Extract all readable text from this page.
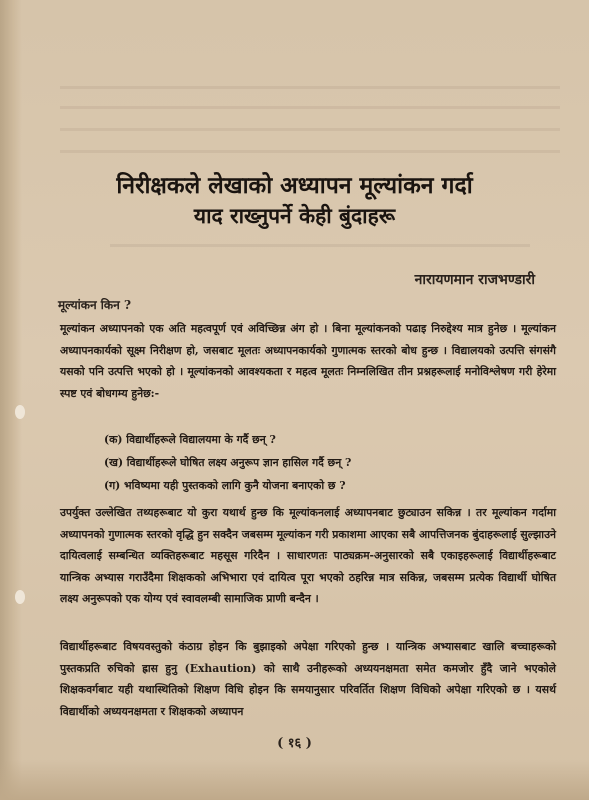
निरीक्षकले लेखाको अध्यापन मूल्यांकन गर्दा
याद राख्नुपर्ने केही बुंदाहरू
नारायणमान राजभण्डारी
मूल्यांकन किन ?
मूल्यांकन अध्यापनको एक अति महत्वपूर्ण एवं अविच्छिन्न अंग हो । बिना मूल्यांकनको पढाइ निरुद्देश्य मात्र हुनेछ । मूल्यांकन अध्यापनकार्यको सूक्ष्म निरीक्षण हो, जसबाट मूलतः अध्यापनकार्यको गुणात्मक स्तरको बोध हुन्छ । विद्यालयको उत्पत्ति संगसंगै यसको पनि उत्पत्ति भएको हो । मूल्यांकनको आवश्यकता र महत्व मूलतः निम्नलिखित तीन प्रश्नहरूलाई मनोविश्लेषण गरी हेरेमा स्पष्ट एवं बोधगम्य हुनेछ:-
(क) विद्यार्थीहरूले विद्यालयमा के गर्दै छन् ?
(ख) विद्यार्थीहरूले घोषित लक्ष्य अनुरूप ज्ञान हासिल गर्दै छन् ?
(ग) भविष्यमा यही पुस्तकको लागि कुनै योजना बनाएको छ ?
उपर्युक्त उल्लेखित तथ्यहरूबाट यो कुरा यथार्थ हुन्छ कि मूल्यांकनलाई अध्यापनबाट छुट्याउन सकिन्न । तर मूल्यांकन गर्दामा अध्यापनको गुणात्मक स्तरको वृद्धि हुन सक्दैन जबसम्म मूल्यांकन गरी प्रकाशमा आएका सबै आपत्तिजनक बुंदाहरूलाई सुल्झाउने दायित्वलाई सम्बन्धित व्यक्तिहरूबाट महसूस गरिदैन । साधारणतः पाठ्यक्रम-अनुसारको सबै एकाइहरूलाई विद्यार्थीहरूबाट यान्त्रिक अभ्यास गराउँदैमा शिक्षकको अभिभारा एवं दायित्व पूरा भएको ठहरिन्न मात्र सकिन्न, जबसम्म प्रत्येक विद्यार्थी घोषित लक्ष्य अनुरूपको एक योग्य एवं स्वावलम्बी सामाजिक प्राणी बन्दैन ।
विद्यार्थीहरूबाट विषयवस्तुको कंठाग्र होइन कि बुझाइको अपेक्षा गरिएको हुन्छ । यान्त्रिक अभ्यासबाट खालि बच्चाहरूको पुस्तकप्रति रुचिको ह्रास हुनु (Exhaution) को साथै उनीहरूको अध्ययनक्षमता समेत कमजोर हुँदै जाने भएकोले शिक्षकवर्गबाट यही यथास्थितिको शिक्षण विधि होइन कि समयानुसार परिवर्तित शिक्षण विधिको अपेक्षा गरिएको छ । यसर्थ विद्यार्थीको अध्ययनक्षमता र शिक्षकको अध्यापन
( १६ )
